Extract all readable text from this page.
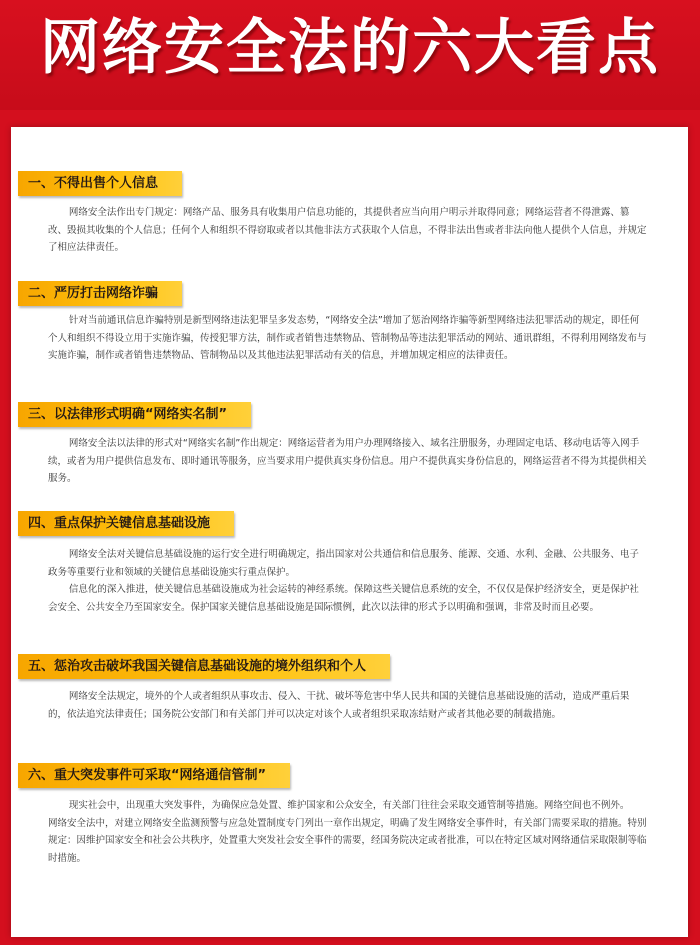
网络安全法的六大看点
一、不得出售个人信息

网络安全法作出专门规定：网络产品、服务具有收集用户信息功能的，其提供者应当向用户明示并取得同意；网络运营者不得泄露、篡改、毁损其收集的个人信息；任何个人和组织不得窃取或者以其他非法方式获取个人信息，不得非法出售或者非法向他人提供个人信息，并规定了相应法律责任。

二、严厉打击网络诈骗

针对当前通讯信息诈骗特别是新型网络违法犯罪呈多发态势，“网络安全法”增加了惩治网络诈骗等新型网络违法犯罪活动的规定，即任何个人和组织不得设立用于实施诈骗，传授犯罪方法，制作或者销售违禁物品、管制物品等违法犯罪活动的网站、通讯群组，不得利用网络发布与实施诈骗，制作或者销售违禁物品、管制物品以及其他违法犯罪活动有关的信息，并增加规定相应的法律责任。

三、以法律形式明确“网络实名制”

网络安全法以法律的形式对“网络实名制”作出规定：网络运营者为用户办理网络接入、域名注册服务，办理固定电话、移动电话等入网手续，或者为用户提供信息发布、即时通讯等服务，应当要求用户提供真实身份信息。用户不提供真实身份信息的，网络运营者不得为其提供相关服务。

四、重点保护关键信息基础设施

网络安全法对关键信息基础设施的运行安全进行明确规定，指出国家对公共通信和信息服务、能源、交通、水利、金融、公共服务、电子政务等重要行业和领域的关键信息基础设施实行重点保护。

信息化的深入推进，使关键信息基础设施成为社会运转的神经系统。保障这些关键信息系统的安全，不仅仅是保护经济安全，更是保护社会安全、公共安全乃至国家安全。保护国家关键信息基础设施是国际惯例，此次以法律的形式予以明确和强调，非常及时而且必要。

五、惩治攻击破坏我国关键信息基础设施的境外组织和个人

网络安全法规定，境外的个人或者组织从事攻击、侵入、干扰、破坏等危害中华人民共和国的关键信息基础设施的活动，造成严重后果的，依法追究法律责任；国务院公安部门和有关部门并可以决定对该个人或者组织采取冻结财产或者其他必要的制裁措施。

六、重大突发事件可采取“网络通信管制”

现实社会中，出现重大突发事件，为确保应急处置、维护国家和公众安全，有关部门往往会采取交通管制等措施。网络空间也不例外。

网络安全法中，对建立网络安全监测预警与应急处置制度专门列出一章作出规定，明确了发生网络安全事件时，有关部门需要采取的措施。特别规定：因维护国家安全和社会公共秩序，处置重大突发社会安全事件的需要，经国务院决定或者批准，可以在特定区域对网络通信采取限制等临时措施。
